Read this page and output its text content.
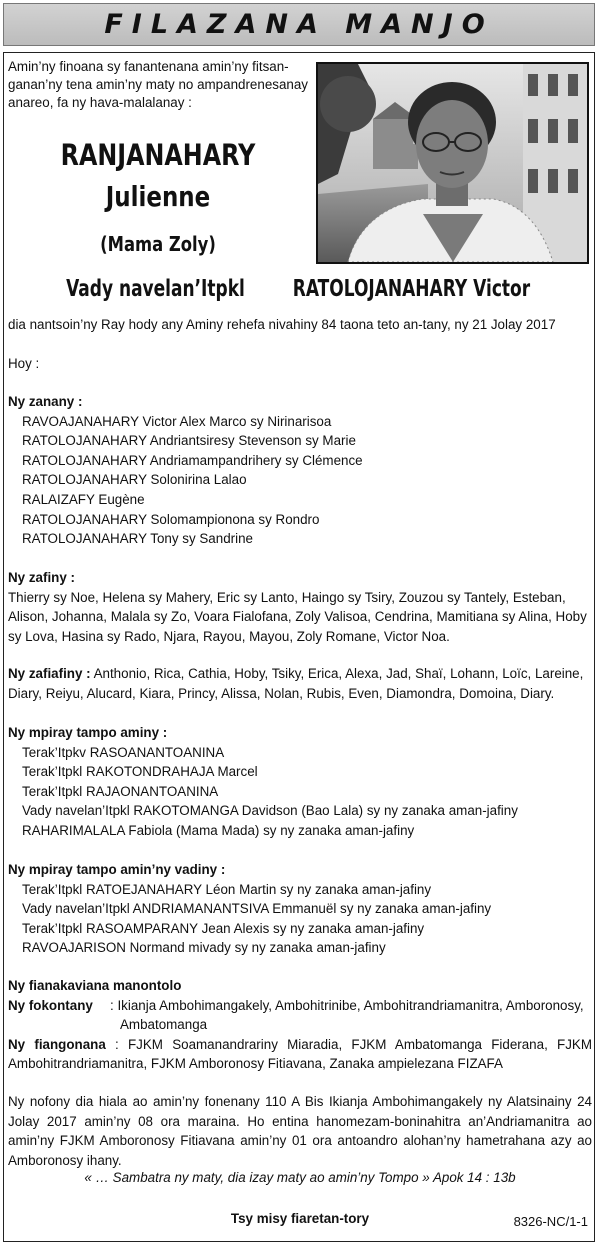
FILAZANA MANJO
Amin’ny finoana sy fanantenana amin’ny fitsan-ganan’ny tena amin’ny maty no ampandrenesanay anareo, fa ny hava-malalanay :
RANJANAHARY
Julienne
(Mama Zoly)
Vady navelan’Itpkl RATOLOJANAHARY Victor
dia nantsoin’ny Ray hody any Aminy rehefa nivahiny 84 taona teto an-tany, ny 21 Jolay 2017
Hoy :
Ny zanany :
RAVOAJANAHARY Victor Alex Marco sy Nirinarisoa
RATOLOJANAHARY Andriantsiresy Stevenson sy Marie
RATOLOJANAHARY Andriamampandrihery sy Clémence
RATOLOJANAHARY Solonirina Lalao
RALAIZAFY Eugène
RATOLOJANAHARY Solomampionona sy Rondro
RATOLOJANAHARY Tony sy Sandrine
Ny zafiny :
Thierry sy Noe, Helena sy Mahery, Eric sy Lanto, Haingo sy Tsiry, Zouzou sy Tantely, Esteban,
Alison, Johanna, Malala sy Zo, Voara Fialofana, Zoly Valisoa, Cendrina, Mamitiana sy Alina, Hoby
sy Lova, Hasina sy Rado, Njara, Rayou, Mayou, Zoly Romane, Victor Noa.
Ny zafiafiny : Anthonio, Rica, Cathia, Hoby, Tsiky, Erica, Alexa, Jad, Shaï, Lohann, Loïc, Lareine,
Diary, Reiyu, Alucard, Kiara, Princy, Alissa, Nolan, Rubis, Even, Diamondra, Domoina, Diary.
Ny mpiray tampo aminy :
Terak’Itpkv RASOANANTOANINA
Terak’Itpkl RAKOTONDRAHAJA Marcel
Terak’Itpkl RAJAONANTOANINA
Vady navelan’Itpkl RAKOTOMANGA Davidson (Bao Lala) sy ny zanaka aman-jafiny
RAHARIMALALA Fabiola (Mama Mada) sy ny zanaka aman-jafiny
Ny mpiray tampo amin’ny vadiny :
Terak’Itpkl RATOEJANAHARY Léon Martin sy ny zanaka aman-jafiny
Vady navelan’Itpkl ANDRIAMANANTSIVA Emmanuël sy ny zanaka aman-jafiny
Terak’Itpkl RASOAMPARANY Jean Alexis sy ny zanaka aman-jafiny
RAVOAJARISON Normand mivady sy ny zanaka aman-jafiny
Ny fianakaviana manontolo
Ny fokontany : Ikianja Ambohimangakely, Ambohitrinibe, Ambohitrandriamanitra, Amboronosy,
Ambatomanga
Ny fiangonana : FJKM Soamanandrariny Miaradia, FJKM Ambatomanga Fiderana, FJKM Ambohitrandriamanitra, FJKM Amboronosy Fitiavana, Zanaka ampielezana FIZAFA
Ny nofony dia hiala ao amin’ny fonenany 110 A Bis Ikianja Ambohimangakely ny Alatsinainy 24 Jolay 2017 amin’ny 08 ora maraina. Ho entina hanomezam-boninahitra an’Andriamanitra ao amin’ny FJKM Amboronosy Fitiavana amin’ny 01 ora antoandro alohan’ny hametrahana azy ao Amboronosy ihany.
« … Sambatra ny maty, dia izay maty ao amin’ny Tompo » Apok 14 : 13b
Tsy misy fiaretan-tory	8326-NC/1-1
